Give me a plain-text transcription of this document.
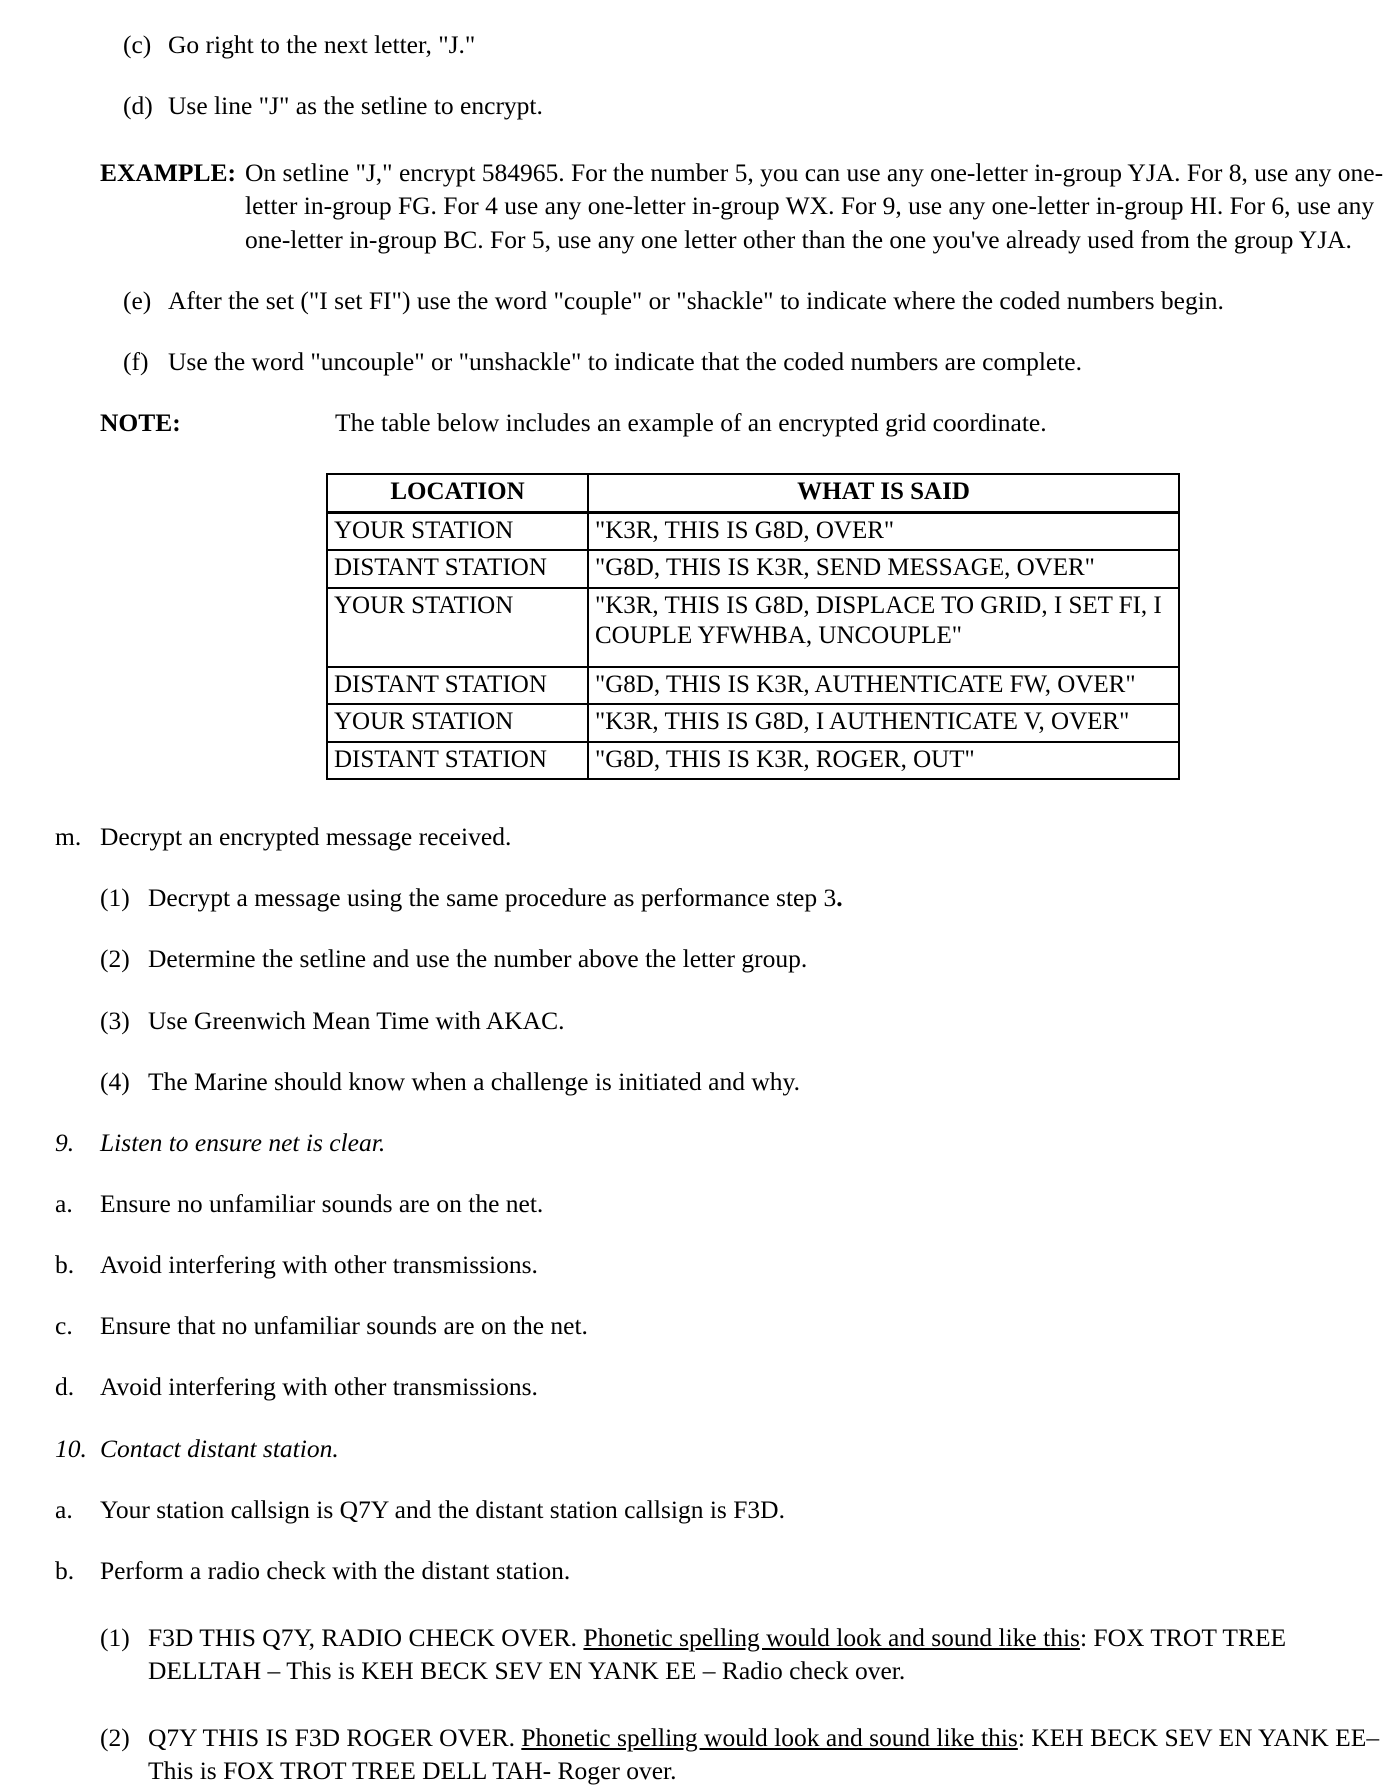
(c) Go right to the next letter, "J."
(d) Use line "J" as the setline to encrypt.
EXAMPLE: On setline "J," encrypt 584965. For the number 5, you can use any one-letter in-group YJA. For 8, use any one-letter in-group FG. For 4 use any one-letter in-group WX. For 9, use any one-letter in-group HI. For 6, use any one-letter in-group BC. For 5, use any one letter other than the one you've already used from the group YJA.
(e) After the set ("I set FI") use the word "couple" or "shackle" to indicate where the coded numbers begin.
(f) Use the word "uncouple" or "unshackle" to indicate that the coded numbers are complete.
NOTE:	The table below includes an example of an encrypted grid coordinate.
LOCATION	WHAT IS SAID
YOUR STATION	"K3R, THIS IS G8D, OVER"
DISTANT STATION	"G8D, THIS IS K3R, SEND MESSAGE, OVER"
YOUR STATION	"K3R, THIS IS G8D, DISPLACE TO GRID, I SET FI, I COUPLE YFWHBA, UNCOUPLE"
DISTANT STATION	"G8D, THIS IS K3R, AUTHENTICATE FW, OVER"
YOUR STATION	"K3R, THIS IS G8D, I AUTHENTICATE V, OVER"
DISTANT STATION	"G8D, THIS IS K3R, ROGER, OUT"
m. Decrypt an encrypted message received.
(1) Decrypt a message using the same procedure as performance step 3.
(2) Determine the setline and use the number above the letter group.
(3) Use Greenwich Mean Time with AKAC.
(4) The Marine should know when a challenge is initiated and why.
9.	Listen to ensure net is clear.
a.	Ensure no unfamiliar sounds are on the net.
b.	Avoid interfering with other transmissions.
c.	Ensure that no unfamiliar sounds are on the net.
d.	Avoid interfering with other transmissions.
10. Contact distant station.
a.	Your station callsign is Q7Y and the distant station callsign is F3D.
b.	Perform a radio check with the distant station.
(1) F3D THIS Q7Y, RADIO CHECK OVER. Phonetic spelling would look and sound like this: FOX TROT TREE DELLTAH – This is KEH BECK SEV EN YANK EE – Radio check over.
(2) Q7Y THIS IS F3D ROGER OVER. Phonetic spelling would look and sound like this: KEH BECK SEV EN YANK EE– This is FOX TROT TREE DELL TAH- Roger over.
